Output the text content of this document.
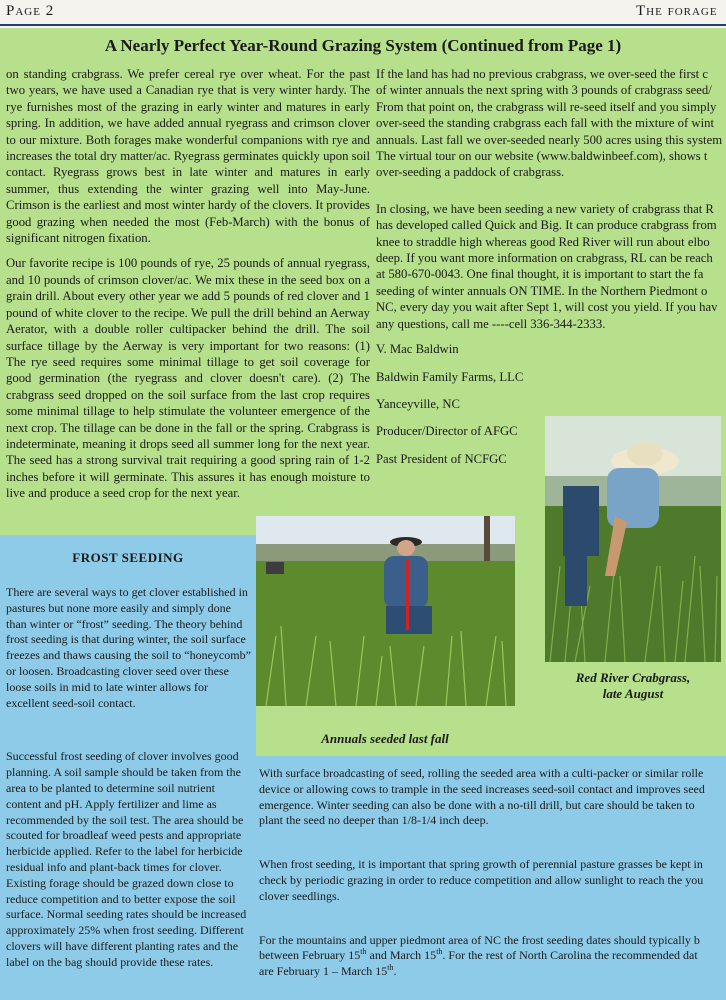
Page 2	The forage
A Nearly Perfect Year-Round Grazing System (Continued from Page 1)

on standing crabgrass. We prefer cereal rye over wheat. For the past two years, we have used a Canadian rye that is very winter hardy. The rye furnishes most of the grazing in early winter and matures in early spring. In addition, we have added annual ryegrass and crimson clover to our mixture. Both forages make wonderful companions with rye and increases the total dry matter/ac. Ryegrass germinates quickly upon soil contact. Ryegrass grows best in late winter and matures in early summer, thus extending the winter grazing well into May-June. Crimson is the earliest and most winter hardy of the clovers. It provides good grazing when needed the most (Feb-March) with the bonus of significant nitrogen fixation.

Our favorite recipe is 100 pounds of rye, 25 pounds of annual ryegrass, and 10 pounds of crimson clover/ac. We mix these in the seed box on a grain drill. About every other year we add 5 pounds of red clover and 1 pound of white clover to the recipe. We pull the drill behind an Aerway Aerator, with a double roller cultipacker behind the drill. The soil surface tillage by the Aerway is very important for two reasons: (1) The rye seed requires some minimal tillage to get soil coverage for good germination (the ryegrass and clover doesn't care). (2) The crabgrass seed dropped on the soil surface from the last crop requires some minimal tillage to help stimulate the volunteer emergence of the next crop. The tillage can be done in the fall or the spring. Crabgrass is indeterminate, meaning it drops seed all summer long for the next year. The seed has a strong survival trait requiring a good spring rain of 1-2 inches before it will germinate. This assures it has enough moisture to live and produce a seed crop for the next year.

If the land has had no previous crabgrass, we over-seed the first c
of winter annuals the next spring with 3 pounds of crabgrass seed/
From that point on, the crabgrass will re-seed itself and you simply
over-seed the standing crabgrass each fall with the mixture of wint
annuals. Last fall we over-seeded nearly 500 acres using this system
The virtual tour on our website (www.baldwinbeef.com), shows t
over-seeding a paddock of crabgrass.

In closing, we have been seeding a new variety of crabgrass that R
has developed called Quick and Big. It can produce crabgrass from
knee to straddle high whereas good Red River will run about elbo
deep. If you want more information on crabgrass, RL can be reach
at 580-670-0043. One final thought, it is important to start the fa
seeding of winter annuals ON TIME. In the Northern Piedmont o
NC, every day you wait after Sept 1, will cost you yield. If you hav
any questions, call me ----cell 336-344-2333.

V. Mac Baldwin

Baldwin Family Farms, LLC

Yanceyville, NC

Producer/Director of AFGC

Past President of NCFGC

Red River Crabgrass,
late August
Annuals seeded last fall
FROST SEEDING

There are several ways to get clover established in pastures but none more easily and simply done than winter or “frost” seeding. The theory behind frost seeding is that during winter, the soil surface freezes and thaws causing the soil to “honeycomb” or loosen. Broadcasting clover seed over these loose soils in mid to late winter allows for excellent seed-soil contact.

Successful frost seeding of clover involves good planning. A soil sample should be taken from the area to be planted to determine soil nutrient content and pH. Apply fertilizer and lime as recommended by the soil test. The area should be scouted for broadleaf weed pests and appropriate herbicide applied. Refer to the label for herbicide residual info and plant-back times for clover. Existing forage should be grazed down close to reduce competition and to better expose the soil surface. Normal seeding rates should be increased approximately 25% when frost seeding. Different clovers will have different planting rates and the label on the bag should provide these rates.

With surface broadcasting of seed, rolling the seeded area with a culti-packer or similar rolle
device or allowing cows to trample in the seed increases seed-soil contact and improves seed
emergence. Winter seeding can also be done with a no-till drill, but care should be taken to
plant the seed no deeper than 1/8-1/4 inch deep.

When frost seeding, it is important that spring growth of perennial pasture grasses be kept in
check by periodic grazing in order to reduce competition and allow sunlight to reach the you
clover seedlings.

For the mountains and upper piedmont area of NC the frost seeding dates should typically b
between February 15th and March 15th. For the rest of North Carolina the recommended dat
are February 1 – March 15th.
